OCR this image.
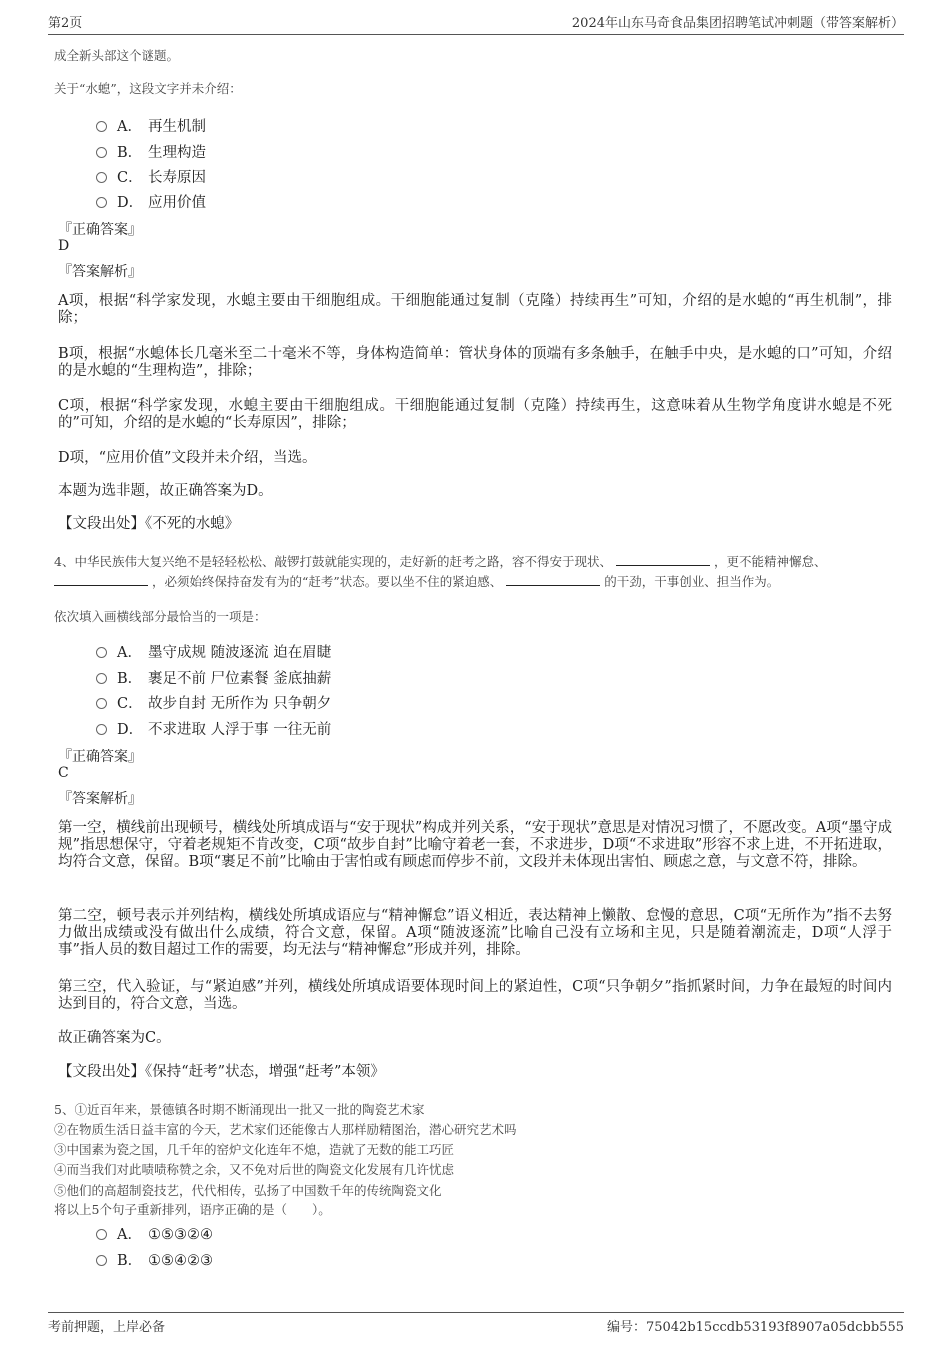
第2页	2024年山东马奇食品集团招聘笔试冲刺题（带答案解析）
成全新头部这个谜题。
关于“水螅”，这段文字并未介绍：
A． 再生机制
B． 生理构造
C． 长寿原因
D． 应用价值
『正确答案』
D
『答案解析』
A项，根据“科学家发现，水螅主要由干细胞组成。干细胞能通过复制（克隆）持续再生”可知，介绍的是水螅的“再生机制”，排除；
B项，根据“水螅体长几毫米至二十毫米不等，身体构造简单：管状身体的顶端有多条触手，在触手中央，是水螅的口”可知，介绍的是水螅的“生理构造”，排除；
C项，根据“科学家发现，水螅主要由干细胞组成。干细胞能通过复制（克隆）持续再生，这意味着从生物学角度讲水螅是不死的”可知，介绍的是水螅的“长寿原因”，排除；
D项，“应用价值”文段并未介绍，当选。
本题为选非题，故正确答案为D。
【文段出处】《不死的水螅》
4、中华民族伟大复兴绝不是轻轻松松、敲锣打鼓就能实现的，走好新的赶考之路，容不得安于现状、	，更不能精神懈怠、
，必须始终保持奋发有为的“赶考”状态。要以坐不住的紧迫感、	的干劲，干事创业、担当作为。
依次填入画横线部分最恰当的一项是：
A． 墨守成规 随波逐流 迫在眉睫
B． 裹足不前 尸位素餐 釜底抽薪
C． 故步自封 无所作为 只争朝夕
D． 不求进取 人浮于事 一往无前
『正确答案』
C
『答案解析』
第一空，横线前出现顿号，横线处所填成语与“安于现状”构成并列关系，“安于现状”意思是对情况习惯了，不愿改变。A项“墨守成规”指思想保守，守着老规矩不肯改变，C项“故步自封”比喻守着老一套，不求进步，D项“不求进取”形容不求上进，不开拓进取，均符合文意，保留。B项“裹足不前”比喻由于害怕或有顾虑而停步不前，文段并未体现出害怕、顾虑之意，与文意不符，排除。
第二空，顿号表示并列结构，横线处所填成语应与“精神懈怠”语义相近，表达精神上懒散、怠慢的意思，C项“无所作为”指不去努力做出成绩或没有做出什么成绩，符合文意，保留。A项“随波逐流”比喻自己没有立场和主见，只是随着潮流走，D项“人浮于事”指人员的数目超过工作的需要，均无法与“精神懈怠”形成并列，排除。
第三空，代入验证，与“紧迫感”并列，横线处所填成语要体现时间上的紧迫性，C项“只争朝夕”指抓紧时间，力争在最短的时间内达到目的，符合文意，当选。
故正确答案为C。
【文段出处】《保持“赶考”状态，增强“赶考”本领》
5、①近百年来，景德镇各时期不断涌现出一批又一批的陶瓷艺术家
②在物质生活日益丰富的今天，艺术家们还能像古人那样励精图治，潜心研究艺术吗
③中国素为瓷之国，几千年的窑炉文化连年不熄，造就了无数的能工巧匠
④而当我们对此啧啧称赞之余，又不免对后世的陶瓷文化发展有几许忧虑
⑤他们的高超制瓷技艺，代代相传，弘扬了中国数千年的传统陶瓷文化
将以上5个句子重新排列，语序正确的是（　　）。
A． ①⑤③②④
B． ①⑤④②③
考前押题，上岸必备	编号：75042b15ccdb53193f8907a05dcbb555
